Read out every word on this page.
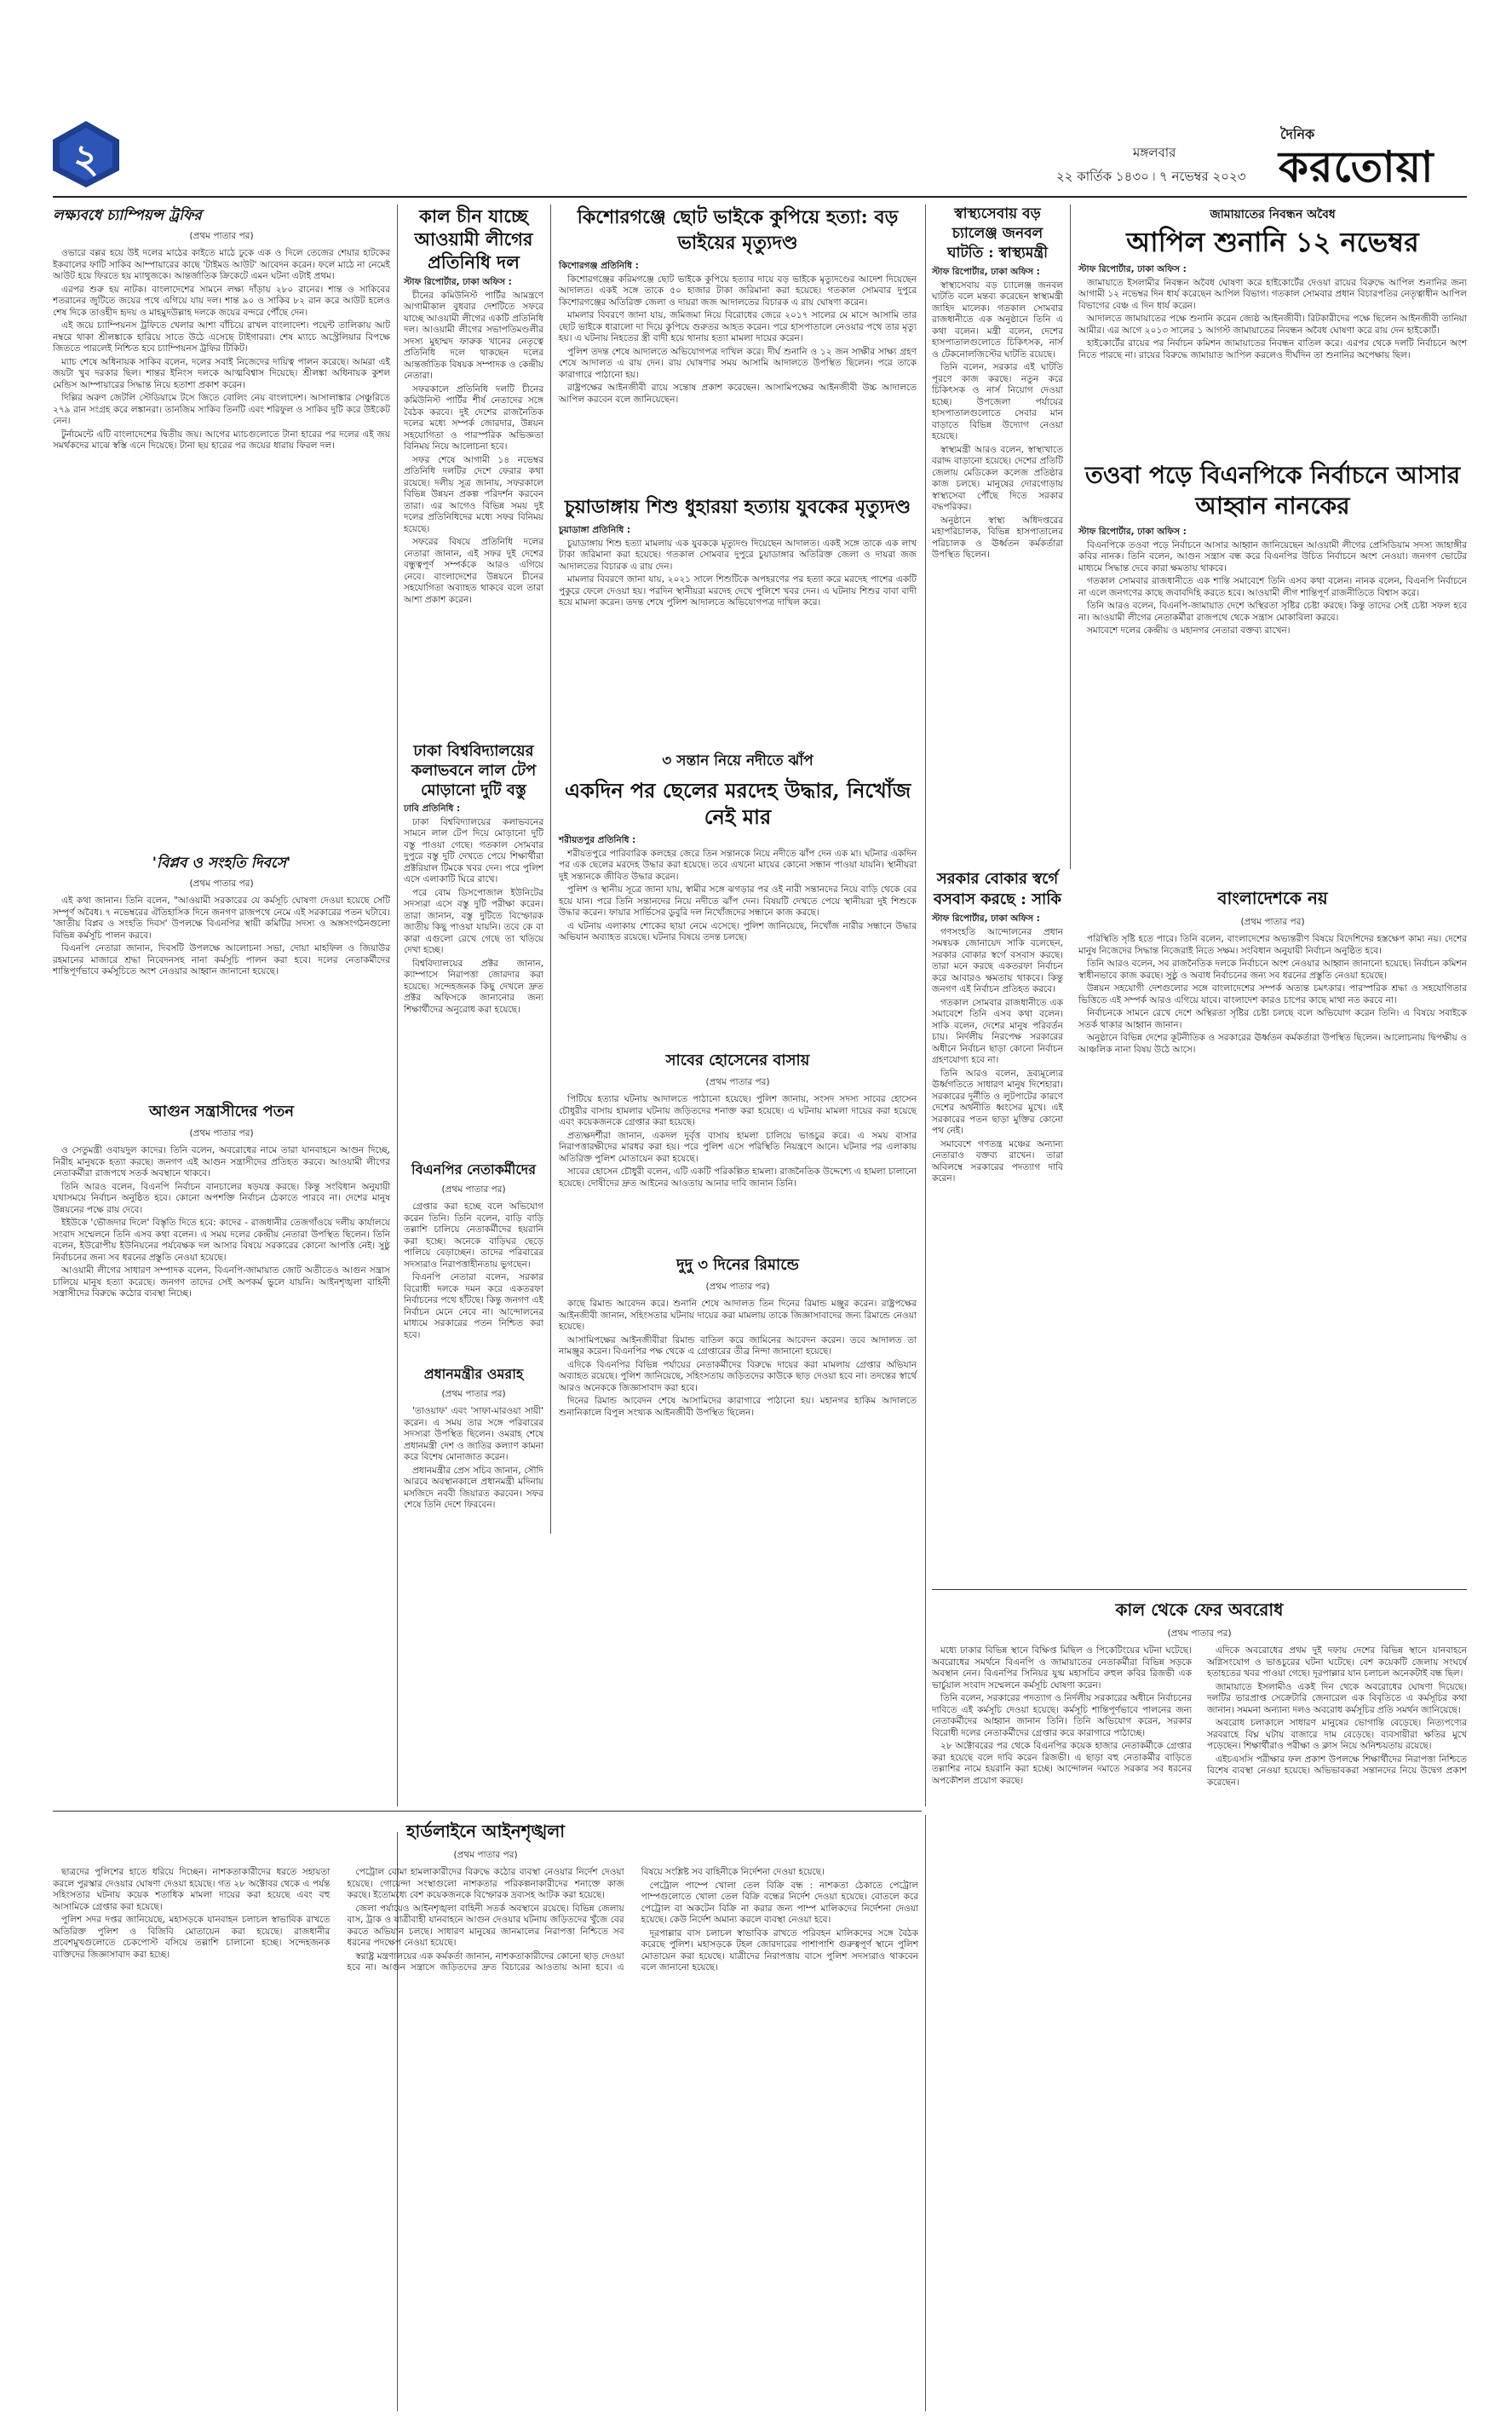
২	মঙ্গলবার
২২ কার্তিক ১৪৩০ ৷ ৭ নভেম্বর ২০২৩
দৈনিক
করতোয়া
লক্ষ্যবধে চ্যাম্পিয়ন্স ট্রফির
(প্রথম পাতার পর)

ওভারে বল্লর হয়ে উই দলের মাঠের কাইতে মাঠে ঢুকে এক ও দিলে তেজের শেয়ার হাটকের ইকবালের ফাটি সাকিব আম্পায়ারের কাছে 'টাইমড আউট' আবেদন করেন। ফলে মাঠে না নেমেই আউট হয়ে ফিরতে হয় ম্যাথুজকে। আন্তর্জাতিক ক্রিকেটে এমন ঘটনা এটাই প্রথম।

এরপর শুরু হয় নাটক। বাংলাদেশের সামনে লক্ষ্য দাঁড়ায় ২৮০ রানের। শান্ত ও সাকিবের শতরানের জুটিতে জয়ের পথে এগিয়ে যায় দল। শান্ত ৯০ ও সাকিব ৮২ রান করে আউট হলেও শেষ দিকে তাওহীদ হৃদয় ও মাহমুদউল্লাহ দলকে জয়ের বন্দরে পৌঁছে দেন।

এই জয়ে চ্যাম্পিয়নস ট্রফিতে খেলার আশা বাঁচিয়ে রাখল বাংলাদেশ। পয়েন্ট তালিকায় আট নম্বরে থাকা শ্রীলঙ্কাকে হারিয়ে সাতে উঠে এসেছে টাইগাররা। শেষ ম্যাচে অস্ট্রেলিয়ার বিপক্ষে জিততে পারলেই নিশ্চিত হবে চ্যাম্পিয়নস ট্রফির টিকিট।

ম্যাচ শেষে অধিনায়ক সাকিব বলেন, দলের সবাই নিজেদের দায়িত্ব পালন করেছে। আমরা এই জয়টা খুব দরকার ছিল। শান্তর ইনিংস দলকে আত্মবিশ্বাস দিয়েছে। শ্রীলঙ্কা অধিনায়ক কুশল মেন্ডিস আম্পায়ারের সিদ্ধান্ত নিয়ে হতাশা প্রকাশ করেন।

দিল্লির অরুণ জেটলি স্টেডিয়ামে টসে জিতে বোলিং নেয় বাংলাদেশ। আসালাঙ্কার সেঞ্চুরিতে ২৭৯ রান সংগ্রহ করে লঙ্কানরা। তানজিম সাকিব তিনটি এবং শরিফুল ও সাকিব দুটি করে উইকেট নেন।

টুর্নামেন্টে এটি বাংলাদেশের দ্বিতীয় জয়। আগের ম্যাচগুলোতে টানা হারের পর দলের এই জয় সমর্থকদের মাঝে স্বস্তি এনে দিয়েছে। টানা ছয় হারের পর জয়ের ধারায় ফিরল দল।

'বিপ্লব ও সংহতি দিবসে'
(প্রথম পাতার পর)

এই কথা জানান। তিনি বলেন, "আওয়ামী সরকারের যে কর্মসূচি ঘোষণা দেওয়া হয়েছে সেটি সম্পূর্ণ অবৈধ। ৭ নভেম্বরের ঐতিহাসিক দিনে জনগণ রাজপথে নেমে এই সরকারের পতন ঘটাবে। 'জাতীয় বিপ্লব ও সংহতি দিবস' উপলক্ষে বিএনপির স্থায়ী কমিটির সদস্য ও অঙ্গসংগঠনগুলো বিভিন্ন কর্মসূচি পালন করবে।

বিএনপি নেতারা জানান, দিবসটি উপলক্ষে আলোচনা সভা, দোয়া মাহফিল ও জিয়াউর রহমানের মাজারে শ্রদ্ধা নিবেদনসহ নানা কর্মসূচি পালন করা হবে। দলের নেতাকর্মীদের শান্তিপূর্ণভাবে কর্মসূচিতে অংশ নেওয়ার আহ্বান জানানো হয়েছে।

আগুন সন্ত্রাসীদের পতন
(প্রথম পাতার পর)

ও সেতুমন্ত্রী ওবায়দুল কাদের। তিনি বলেন, অবরোধের নামে তারা যানবাহনে আগুন দিচ্ছে, নিরীহ মানুষকে হত্যা করছে। জনগণ এই আগুন সন্ত্রাসীদের প্রতিহত করবে। আওয়ামী লীগের নেতাকর্মীরা রাজপথে সতর্ক অবস্থানে থাকবে।

তিনি আরও বলেন, বিএনপি নির্বাচন বানচালের ষড়যন্ত্র করছে। কিন্তু সংবিধান অনুযায়ী যথাসময়ে নির্বাচন অনুষ্ঠিত হবে। কোনো অপশক্তি নির্বাচন ঠেকাতে পারবে না। দেশের মানুষ উন্নয়নের পক্ষে রায় দেবে।

ইইউকে 'ভৌজদার দিলে' বিস্তৃতি দিতে হবে: কাদের - রাজধানীর তেজগাঁওয়ে দলীয় কার্যালয়ে সংবাদ সম্মেলনে তিনি এসব কথা বলেন। এ সময় দলের কেন্দ্রীয় নেতারা উপস্থিত ছিলেন। তিনি বলেন, ইউরোপীয় ইউনিয়নের পর্যবেক্ষক দল আসার বিষয়ে সরকারের কোনো আপত্তি নেই। সুষ্ঠু নির্বাচনের জন্য সব ধরনের প্রস্তুতি নেওয়া হয়েছে।

আওয়ামী লীগের সাধারণ সম্পাদক বলেন, বিএনপি-জামায়াত জোট অতীতেও আগুন সন্ত্রাস চালিয়ে মানুষ হত্যা করেছে। জনগণ তাদের সেই অপকর্ম ভুলে যায়নি। আইনশৃঙ্খলা বাহিনী সন্ত্রাসীদের বিরুদ্ধে কঠোর ব্যবস্থা নিচ্ছে।

কাল চীন যাচ্ছে আওয়ামী লীগের প্রতিনিধি দল

স্টাফ রিপোর্টার, ঢাকা অফিস :

চীনের কমিউনিস্ট পার্টির আমন্ত্রণে আগামীকাল বুধবার দেশটিতে সফরে যাচ্ছে আওয়ামী লীগের একটি প্রতিনিধি দল। আওয়ামী লীগের সভাপতিমণ্ডলীর সদস্য মুহাম্মদ ফারুক খানের নেতৃত্বে প্রতিনিধি দলে থাকছেন দলের আন্তর্জাতিক বিষয়ক সম্পাদক ও কেন্দ্রীয় নেতারা।

সফরকালে প্রতিনিধি দলটি চীনের কমিউনিস্ট পার্টির শীর্ষ নেতাদের সঙ্গে বৈঠক করবে। দুই দেশের রাজনৈতিক দলের মধ্যে সম্পর্ক জোরদার, উন্নয়ন সহযোগিতা ও পারস্পরিক অভিজ্ঞতা বিনিময় নিয়ে আলোচনা হবে।

সফর শেষে আগামী ১৪ নভেম্বর প্রতিনিধি দলটির দেশে ফেরার কথা রয়েছে। দলীয় সূত্র জানায়, সফরকালে বিভিন্ন উন্নয়ন প্রকল্প পরিদর্শন করবেন তারা। এর আগেও বিভিন্ন সময় দুই দলের প্রতিনিধিদের মধ্যে সফর বিনিময় হয়েছে।

সফরের বিষয়ে প্রতিনিধি দলের নেতারা জানান, এই সফর দুই দেশের বন্ধুত্বপূর্ণ সম্পর্ককে আরও এগিয়ে নেবে। বাংলাদেশের উন্নয়নে চীনের সহযোগিতা অব্যাহত থাকবে বলে তারা আশা প্রকাশ করেন।

ঢাকা বিশ্ববিদ্যালয়ের কলাভবনে লাল টেপ মোড়ানো দুটি বস্তু

ঢাবি প্রতিনিধি :

ঢাকা বিশ্ববিদ্যালয়ের কলাভবনের সামনে লাল টেপ দিয়ে মোড়ানো দুটি বস্তু পাওয়া গেছে। গতকাল সোমবার দুপুরে বস্তু দুটি দেখতে পেয়ে শিক্ষার্থীরা প্রক্টরিয়াল টিমকে খবর দেন। পরে পুলিশ এসে এলাকাটি ঘিরে রাখে।

পরে বোম ডিসপোজাল ইউনিটের সদস্যরা এসে বস্তু দুটি পরীক্ষা করেন। তারা জানান, বস্তু দুটিতে বিস্ফোরক জাতীয় কিছু পাওয়া যায়নি। তবে কে বা কারা এগুলো রেখে গেছে তা খতিয়ে দেখা হচ্ছে।

বিশ্ববিদ্যালয়ের প্রক্টর জানান, ক্যাম্পাসে নিরাপত্তা জোরদার করা হয়েছে। সন্দেহজনক কিছু দেখলে দ্রুত প্রক্টর অফিসকে জানানোর জন্য শিক্ষার্থীদের অনুরোধ করা হয়েছে।

বিএনপির নেতাকর্মীদের
(প্রথম পাতার পর)

গ্রেপ্তার করা হচ্ছে বলে অভিযোগ করেন তিনি। তিনি বলেন, বাড়ি বাড়ি তল্লাশি চালিয়ে নেতাকর্মীদের হয়রানি করা হচ্ছে। অনেকে বাড়িঘর ছেড়ে পালিয়ে বেড়াচ্ছেন। তাদের পরিবারের সদস্যরাও নিরাপত্তাহীনতায় ভুগছেন।

বিএনপি নেতারা বলেন, সরকার বিরোধী দলকে দমন করে একতরফা নির্বাচনের পথে হাঁটছে। কিন্তু জনগণ এই নির্বাচন মেনে নেবে না। আন্দোলনের মাধ্যমে সরকারের পতন নিশ্চিত করা হবে।

প্রধানমন্ত্রীর ওমরাহ
(প্রথম পাতার পর)

'তাওয়াফ' এবং 'সাফা-মারওয়া সায়ী' করেন। এ সময় তার সঙ্গে পরিবারের সদস্যরা উপস্থিত ছিলেন। ওমরাহ শেষে প্রধানমন্ত্রী দেশ ও জাতির কল্যাণ কামনা করে বিশেষ মোনাজাত করেন।

প্রধানমন্ত্রীর প্রেস সচিব জানান, সৌদি আরবে অবস্থানকালে প্রধানমন্ত্রী মদিনায় মসজিদে নববী জিয়ারত করবেন। সফর শেষে তিনি দেশে ফিরবেন।

কিশোরগঞ্জে ছোট ভাইকে কুপিয়ে হত্যা: বড় ভাইয়ের মৃত্যুদণ্ড

কিশোরগঞ্জ প্রতিনিধি :

কিশোরগঞ্জের করিমগঞ্জে ছোট ভাইকে কুপিয়ে হত্যার দায়ে বড় ভাইকে মৃত্যুদণ্ডের আদেশ দিয়েছেন আদালত। একই সঙ্গে তাকে ৫০ হাজার টাকা জরিমানা করা হয়েছে। গতকাল সোমবার দুপুরে কিশোরগঞ্জের অতিরিক্ত জেলা ও দায়রা জজ আদালতের বিচারক এ রায় ঘোষণা করেন।

মামলার বিবরণে জানা যায়, জমিজমা নিয়ে বিরোধের জেরে ২০১৭ সালের মে মাসে আসামি তার ছোট ভাইকে ধারালো দা দিয়ে কুপিয়ে গুরুতর আহত করেন। পরে হাসপাতালে নেওয়ার পথে তার মৃত্যু হয়। এ ঘটনায় নিহতের স্ত্রী বাদী হয়ে থানায় হত্যা মামলা দায়ের করেন।

পুলিশ তদন্ত শেষে আদালতে অভিযোগপত্র দাখিল করে। দীর্ঘ শুনানি ও ১২ জন সাক্ষীর সাক্ষ্য গ্রহণ শেষে আদালত এ রায় দেন। রায় ঘোষণার সময় আসামি আদালতে উপস্থিত ছিলেন। পরে তাকে কারাগারে পাঠানো হয়।

রাষ্ট্রপক্ষের আইনজীবী রায়ে সন্তোষ প্রকাশ করেছেন। আসামিপক্ষের আইনজীবী উচ্চ আদালতে আপিল করবেন বলে জানিয়েছেন।

চুয়াডাঙ্গায় শিশু ধুহারয়া হত্যায় যুবকের মৃত্যুদণ্ড

চুয়াডাঙ্গা প্রতিনিধি :

চুয়াডাঙ্গায় শিশু হত্যা মামলায় এক যুবককে মৃত্যুদণ্ড দিয়েছেন আদালত। একই সঙ্গে তাকে এক লাখ টাকা জরিমানা করা হয়েছে। গতকাল সোমবার দুপুরে চুয়াডাঙ্গার অতিরিক্ত জেলা ও দায়রা জজ আদালতের বিচারক এ রায় দেন।

মামলার বিবরণে জানা যায়, ২০২১ সালে শিশুটিকে অপহরণের পর হত্যা করে মরদেহ পাশের একটি পুকুরে ফেলে দেওয়া হয়। পরদিন স্থানীয়রা মরদেহ দেখে পুলিশে খবর দেন। এ ঘটনায় শিশুর বাবা বাদী হয়ে মামলা করেন। তদন্ত শেষে পুলিশ আদালতে অভিযোগপত্র দাখিল করে।

৩ সন্তান নিয়ে নদীতে ঝাঁপ
একদিন পর ছেলের মরদেহ উদ্ধার, নিখোঁজ নেই মার

শরীয়তপুর প্রতিনিধি :

শরীয়তপুরে পারিবারিক কলহের জেরে তিন সন্তানকে নিয়ে নদীতে ঝাঁপ দেন এক মা। ঘটনার একদিন পর এক ছেলের মরদেহ উদ্ধার করা হয়েছে। তবে এখনো মায়ের কোনো সন্ধান পাওয়া যায়নি। স্থানীয়রা দুই সন্তানকে জীবিত উদ্ধার করেন।

পুলিশ ও স্থানীয় সূত্রে জানা যায়, স্বামীর সঙ্গে ঝগড়ার পর ওই নারী সন্তানদের নিয়ে বাড়ি থেকে বের হয়ে যান। পরে তিনি সন্তানদের নিয়ে নদীতে ঝাঁপ দেন। বিষয়টি দেখতে পেয়ে স্থানীয়রা দুই শিশুকে উদ্ধার করেন। ফায়ার সার্ভিসের ডুবুরি দল নিখোঁজদের সন্ধানে কাজ করছে।

এ ঘটনায় এলাকায় শোকের ছায়া নেমে এসেছে। পুলিশ জানিয়েছে, নিখোঁজ নারীর সন্ধানে উদ্ধার অভিযান অব্যাহত রয়েছে। ঘটনার বিষয়ে তদন্ত চলছে।

সাবের হোসেনের বাসায়
(প্রথম পাতার পর)

পিটিয়ে হত্যার ঘটনায় আদালতে পাঠানো হয়েছে। পুলিশ জানায়, সংসদ সদস্য সাবের হোসেন চৌধুরীর বাসায় হামলার ঘটনায় জড়িতদের শনাক্ত করা হয়েছে। এ ঘটনায় মামলা দায়ের করা হয়েছে এবং কয়েকজনকে গ্রেপ্তার করা হয়েছে।

প্রত্যক্ষদর্শীরা জানান, একদল দুর্বৃত্ত বাসায় হামলা চালিয়ে ভাঙচুর করে। এ সময় বাসার নিরাপত্তারক্ষীদের মারধর করা হয়। পরে পুলিশ এসে পরিস্থিতি নিয়ন্ত্রণে আনে। ঘটনার পর এলাকায় অতিরিক্ত পুলিশ মোতায়েন করা হয়েছে।

সাবের হোসেন চৌধুরী বলেন, এটি একটি পরিকল্পিত হামলা। রাজনৈতিক উদ্দেশ্যে এ হামলা চালানো হয়েছে। দোষীদের দ্রুত আইনের আওতায় আনার দাবি জানান তিনি।

দুদু ৩ দিনের রিমান্ডে
(প্রথম পাতার পর)

কাছে রিমান্ড আবেদন করে। শুনানি শেষে আদালত তিন দিনের রিমান্ড মঞ্জুর করেন। রাষ্ট্রপক্ষের আইনজীবী জানান, সহিংসতার ঘটনায় দায়ের করা মামলায় তাকে জিজ্ঞাসাবাদের জন্য রিমান্ডে নেওয়া হয়েছে।

আসামিপক্ষের আইনজীবীরা রিমান্ড বাতিল করে জামিনের আবেদন করেন। তবে আদালত তা নামঞ্জুর করেন। বিএনপির পক্ষ থেকে এ গ্রেপ্তারের তীব্র নিন্দা জানানো হয়েছে।

এদিকে বিএনপির বিভিন্ন পর্যায়ের নেতাকর্মীদের বিরুদ্ধে দায়ের করা মামলায় গ্রেপ্তার অভিযান অব্যাহত রয়েছে। পুলিশ জানিয়েছে, সহিংসতায় জড়িতদের কাউকে ছাড় দেওয়া হবে না। তদন্তের স্বার্থে আরও অনেককে জিজ্ঞাসাবাদ করা হবে।

দিনের রিমান্ড আবেদন শেষে আসামিদের কারাগারে পাঠানো হয়। মহানগর হাকিম আদালতে শুনানিকালে বিপুল সংখ্যক আইনজীবী উপস্থিত ছিলেন।

স্বাস্থ্যসেবায় বড় চ্যালেঞ্জ জনবল ঘাটতি : স্বাস্থ্যমন্ত্রী

স্টাফ রিপোর্টার, ঢাকা অফিস :

স্বাস্থ্যসেবায় বড় চ্যালেঞ্জ জনবল ঘাটতি বলে মন্তব্য করেছেন স্বাস্থ্যমন্ত্রী জাহিদ মালেক। গতকাল সোমবার রাজধানীতে এক অনুষ্ঠানে তিনি এ কথা বলেন। মন্ত্রী বলেন, দেশের হাসপাতালগুলোতে চিকিৎসক, নার্স ও টেকনোলজিস্টের ঘাটতি রয়েছে।

তিনি বলেন, সরকার এই ঘাটতি পূরণে কাজ করছে। নতুন করে চিকিৎসক ও নার্স নিয়োগ দেওয়া হচ্ছে। উপজেলা পর্যায়ের হাসপাতালগুলোতে সেবার মান বাড়াতে বিভিন্ন উদ্যোগ নেওয়া হয়েছে।

স্বাস্থ্যমন্ত্রী আরও বলেন, স্বাস্থ্যখাতে বরাদ্দ বাড়ানো হয়েছে। দেশের প্রতিটি জেলায় মেডিকেল কলেজ প্রতিষ্ঠার কাজ চলছে। মানুষের দোরগোড়ায় স্বাস্থ্যসেবা পৌঁছে দিতে সরকার বদ্ধপরিকর।

অনুষ্ঠানে স্বাস্থ্য অধিদপ্তরের মহাপরিচালক, বিভিন্ন হাসপাতালের পরিচালক ও ঊর্ধ্বতন কর্মকর্তারা উপস্থিত ছিলেন।

সরকার বোকার স্বর্গে বসবাস করছে : সাকি

স্টাফ রিপোর্টার, ঢাকা অফিস :

গণসংহতি আন্দোলনের প্রধান সমন্বয়ক জোনায়েদ সাকি বলেছেন, সরকার বোকার স্বর্গে বসবাস করছে। তারা মনে করছে একতরফা নির্বাচন করে আবারও ক্ষমতায় থাকবে। কিন্তু জনগণ এই নির্বাচন প্রতিহত করবে।

গতকাল সোমবার রাজধানীতে এক সমাবেশে তিনি এসব কথা বলেন। সাকি বলেন, দেশের মানুষ পরিবর্তন চায়। নির্দলীয় নিরপেক্ষ সরকারের অধীনে নির্বাচন ছাড়া কোনো নির্বাচন গ্রহণযোগ্য হবে না।

তিনি আরও বলেন, দ্রব্যমূল্যের ঊর্ধ্বগতিতে সাধারণ মানুষ দিশেহারা। সরকারের দুর্নীতি ও লুটপাটের কারণে দেশের অর্থনীতি ধ্বংসের মুখে। এই সরকারের পতন ছাড়া মুক্তির কোনো পথ নেই।

সমাবেশে গণতন্ত্র মঞ্চের অন্যান্য নেতারাও বক্তব্য রাখেন। তারা অবিলম্বে সরকারের পদত্যাগ দাবি করেন।

জামায়াতের নিবন্ধন অবৈধ
আপিল শুনানি ১২ নভেম্বর

স্টাফ রিপোর্টার, ঢাকা অফিস :

জামায়াতে ইসলামীর নিবন্ধন অবৈধ ঘোষণা করে হাইকোর্টের দেওয়া রায়ের বিরুদ্ধে আপিল শুনানির জন্য আগামী ১২ নভেম্বর দিন ধার্য করেছেন আপিল বিভাগ। গতকাল সোমবার প্রধান বিচারপতির নেতৃত্বাধীন আপিল বিভাগের বেঞ্চ এ দিন ধার্য করেন।

আদালতে জামায়াতের পক্ষে শুনানি করেন জ্যেষ্ঠ আইনজীবী। রিটকারীদের পক্ষে ছিলেন আইনজীবী তানিয়া আমীর। এর আগে ২০১৩ সালের ১ আগস্ট জামায়াতের নিবন্ধন অবৈধ ঘোষণা করে রায় দেন হাইকোর্ট।

হাইকোর্টের রায়ের পর নির্বাচন কমিশন জামায়াতের নিবন্ধন বাতিল করে। এরপর থেকে দলটি নির্বাচনে অংশ নিতে পারছে না। রায়ের বিরুদ্ধে জামায়াত আপিল করলেও দীর্ঘদিন তা শুনানির অপেক্ষায় ছিল।

তওবা পড়ে বিএনপিকে নির্বাচনে আসার আহ্বান নানকের

স্টাফ রিপোর্টার, ঢাকা অফিস :

বিএনপিকে তওবা পড়ে নির্বাচনে আসার আহ্বান জানিয়েছেন আওয়ামী লীগের প্রেসিডিয়াম সদস্য জাহাঙ্গীর কবির নানক। তিনি বলেন, আগুন সন্ত্রাস বন্ধ করে বিএনপির উচিত নির্বাচনে অংশ নেওয়া। জনগণ ভোটের মাধ্যমে সিদ্ধান্ত দেবে কারা ক্ষমতায় থাকবে।

গতকাল সোমবার রাজধানীতে এক শান্তি সমাবেশে তিনি এসব কথা বলেন। নানক বলেন, বিএনপি নির্বাচনে না এলে জনগণের কাছে জবাবদিহি করতে হবে। আওয়ামী লীগ শান্তিপূর্ণ রাজনীতিতে বিশ্বাস করে।

তিনি আরও বলেন, বিএনপি-জামায়াত দেশে অস্থিরতা সৃষ্টির চেষ্টা করছে। কিন্তু তাদের সেই চেষ্টা সফল হবে না। আওয়ামী লীগের নেতাকর্মীরা রাজপথে থেকে সন্ত্রাস মোকাবিলা করবে।

সমাবেশে দলের কেন্দ্রীয় ও মহানগর নেতারা বক্তব্য রাখেন।

বাংলাদেশকে নয়
(প্রথম পাতার পর)

পরিস্থিতি সৃষ্টি হতে পারে। তিনি বলেন, বাংলাদেশের অভ্যন্তরীণ বিষয়ে বিদেশিদের হস্তক্ষেপ কাম্য নয়। দেশের মানুষ নিজেদের সিদ্ধান্ত নিজেরাই নিতে সক্ষম। সংবিধান অনুযায়ী নির্বাচন অনুষ্ঠিত হবে।

তিনি আরও বলেন, সব রাজনৈতিক দলকে নির্বাচনে অংশ নেওয়ার আহ্বান জানানো হয়েছে। নির্বাচন কমিশন স্বাধীনভাবে কাজ করছে। সুষ্ঠু ও অবাধ নির্বাচনের জন্য সব ধরনের প্রস্তুতি নেওয়া হয়েছে।

উন্নয়ন সহযোগী দেশগুলোর সঙ্গে বাংলাদেশের সম্পর্ক অত্যন্ত চমৎকার। পারস্পরিক শ্রদ্ধা ও সহযোগিতার ভিত্তিতে এই সম্পর্ক আরও এগিয়ে যাবে। বাংলাদেশ কারও চাপের কাছে মাথা নত করবে না।

নির্বাচনকে সামনে রেখে দেশে অস্থিরতা সৃষ্টির চেষ্টা চলছে বলে অভিযোগ করেন তিনি। এ বিষয়ে সবাইকে সতর্ক থাকার আহ্বান জানান।

অনুষ্ঠানে বিভিন্ন দেশের কূটনীতিক ও সরকারের ঊর্ধ্বতন কর্মকর্তারা উপস্থিত ছিলেন। আলোচনায় দ্বিপক্ষীয় ও আঞ্চলিক নানা বিষয় উঠে আসে।

হার্ডলাইনে আইনশৃঙ্খলা
(প্রথম পাতার পর)

ছাত্রদের পুলিশের হাতে ধরিয়ে দিচ্ছেন। নাশকতাকারীদের ধরতে সহায়তা করলে পুরস্কার দেওয়ার ঘোষণা দেওয়া হয়েছে। গত ২৮ অক্টোবর থেকে এ পর্যন্ত সহিংসতার ঘটনায় কয়েক শতাধিক মামলা দায়ের করা হয়েছে এবং বহু আসামিকে গ্রেপ্তার করা হয়েছে।

পুলিশ সদর দপ্তর জানিয়েছে, মহাসড়কে যানবাহন চলাচল স্বাভাবিক রাখতে অতিরিক্ত পুলিশ ও বিজিবি মোতায়েন করা হয়েছে। রাজধানীর প্রবেশমুখগুলোতে চেকপোস্ট বসিয়ে তল্লাশি চালানো হচ্ছে। সন্দেহজনক ব্যক্তিদের জিজ্ঞাসাবাদ করা হচ্ছে।

পেট্রোল বোমা হামলাকারীদের বিরুদ্ধে কঠোর ব্যবস্থা নেওয়ার নির্দেশ দেওয়া হয়েছে। গোয়েন্দা সংস্থাগুলো নাশকতার পরিকল্পনাকারীদের শনাক্তে কাজ করছে। ইতোমধ্যে বেশ কয়েকজনকে বিস্ফোরক দ্রব্যসহ আটক করা হয়েছে।

জেলা পর্যায়েও আইনশৃঙ্খলা বাহিনী সতর্ক অবস্থানে রয়েছে। বিভিন্ন জেলায় বাস, ট্রাক ও যাত্রীবাহী যানবাহনে আগুন দেওয়ার ঘটনায় জড়িতদের খুঁজে বের করতে অভিযান চলছে। সাধারণ মানুষের জানমালের নিরাপত্তা নিশ্চিতে সব ধরনের পদক্ষেপ নেওয়া হয়েছে।

স্বরাষ্ট্র মন্ত্রণালয়ের এক কর্মকর্তা জানান, নাশকতাকারীদের কোনো ছাড় দেওয়া হবে না। আগুন সন্ত্রাসে জড়িতদের দ্রুত বিচারের আওতায় আনা হবে। এ বিষয়ে সংশ্লিষ্ট সব বাহিনীকে নির্দেশনা দেওয়া হয়েছে।

পেট্রোল পাম্পে খোলা তেল বিক্রি বন্ধ : নাশকতা ঠেকাতে পেট্রোল পাম্পগুলোতে খোলা তেল বিক্রি বন্ধের নির্দেশ দেওয়া হয়েছে। বোতলে করে পেট্রোল বা অকটেন বিক্রি না করার জন্য পাম্প মালিকদের নির্দেশনা দেওয়া হয়েছে। কেউ নির্দেশ অমান্য করলে ব্যবস্থা নেওয়া হবে।

দূরপাল্লার বাস চলাচল স্বাভাবিক রাখতে পরিবহন মালিকদের সঙ্গে বৈঠক করেছে পুলিশ। মহাসড়কে টহল জোরদারের পাশাপাশি গুরুত্বপূর্ণ স্থানে পুলিশ মোতায়েন করা হয়েছে। যাত্রীদের নিরাপত্তায় বাসে পুলিশ সদস্যরাও থাকবেন বলে জানানো হয়েছে।

কাল থেকে ফের অবরোধ
(প্রথম পাতার পর)

মধ্যে ঢাকার বিভিন্ন স্থানে বিক্ষিপ্ত মিছিল ও পিকেটিংয়ের ঘটনা ঘটেছে। অবরোধের সমর্থনে বিএনপি ও জামায়াতের নেতাকর্মীরা বিভিন্ন সড়কে অবস্থান নেন। বিএনপির সিনিয়র যুগ্ম মহাসচিব রুহুল কবির রিজভী এক ভার্চুয়াল সংবাদ সম্মেলনে কর্মসূচি ঘোষণা করেন।

তিনি বলেন, সরকারের পদত্যাগ ও নির্দলীয় সরকারের অধীনে নির্বাচনের দাবিতে এই কর্মসূচি দেওয়া হয়েছে। কর্মসূচি শান্তিপূর্ণভাবে পালনের জন্য নেতাকর্মীদের আহ্বান জানান তিনি। তিনি অভিযোগ করেন, সরকার বিরোধী দলের নেতাকর্মীদের গ্রেপ্তার করে কারাগারে পাঠাচ্ছে।

২৮ অক্টোবরের পর থেকে বিএনপির কয়েক হাজার নেতাকর্মীকে গ্রেপ্তার করা হয়েছে বলে দাবি করেন রিজভী। এ ছাড়া বহু নেতাকর্মীর বাড়িতে তল্লাশির নামে হয়রানি করা হচ্ছে। আন্দোলন দমাতে সরকার সব ধরনের অপকৌশল প্রয়োগ করছে।

এদিকে অবরোধের প্রথম দুই দফায় দেশের বিভিন্ন স্থানে যানবাহনে অগ্নিসংযোগ ও ভাঙচুরের ঘটনা ঘটেছে। বেশ কয়েকটি জেলায় সংঘর্ষে হতাহতের খবর পাওয়া গেছে। দূরপাল্লার যান চলাচল অনেকটাই বন্ধ ছিল।

জামায়াতে ইসলামীও একই দিন থেকে অবরোধের ঘোষণা দিয়েছে। দলটির ভারপ্রাপ্ত সেক্রেটারি জেনারেল এক বিবৃতিতে এ কর্মসূচির কথা জানান। সমমনা অন্যান্য দলও অবরোধ কর্মসূচির প্রতি সমর্থন জানিয়েছে।

অবরোধ চলাকালে সাধারণ মানুষের ভোগান্তি বেড়েছে। নিত্যপণ্যের সরবরাহে বিঘ্ন ঘটায় বাজারে দাম বেড়েছে। ব্যবসায়ীরা ক্ষতির মুখে পড়েছেন। শিক্ষার্থীরাও পরীক্ষা ও ক্লাস নিয়ে অনিশ্চয়তায় রয়েছে।

এইচএসসি পরীক্ষার ফল প্রকাশ উপলক্ষে শিক্ষার্থীদের নিরাপত্তা নিশ্চিতে বিশেষ ব্যবস্থা নেওয়া হয়েছে। অভিভাবকরা সন্তানদের নিয়ে উদ্বেগ প্রকাশ করেছেন।
